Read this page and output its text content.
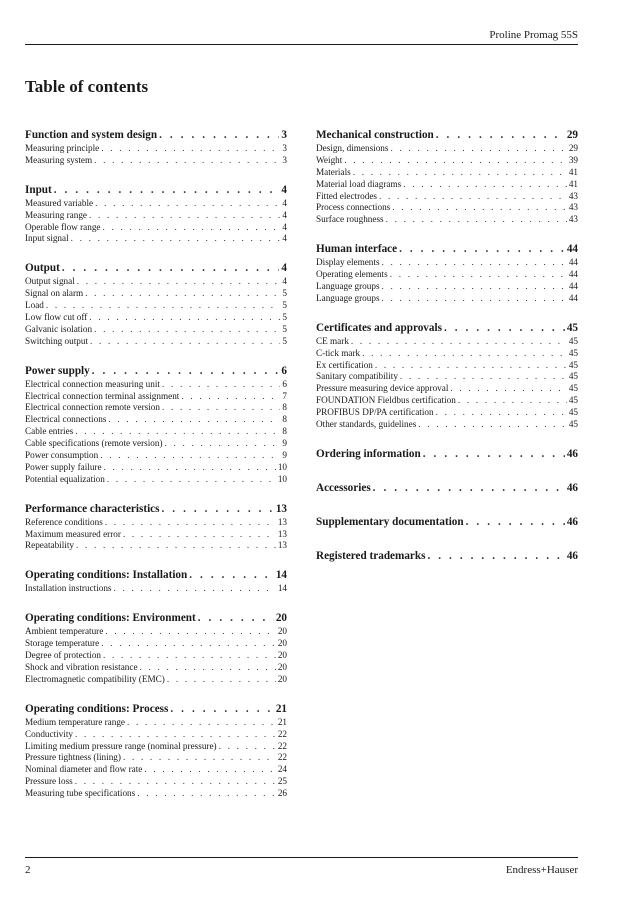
Proline Promag 55S
Table of contents
Function and system design . . .	3
Measuring principle . . .	3
Measuring system . . .	3
Input . . .	4
Measured variable . . .	4
Measuring range . . .	4
Operable flow range . . .	4
Input signal . . .	4
Output . . .	4
Output signal . . .	4
Signal on alarm . . .	5
Load . . .	5
Low flow cut off . . .	5
Galvanic isolation . . .	5
Switching output . . .	5
Power supply . . .	6
Electrical connection measuring unit . . .	6
Electrical connection terminal assignment . . .	7
Electrical connection remote version . . .	8
Electrical connections . . .	8
Cable entries . . .	8
Cable specifications (remote version) . . .	9
Power consumption . . .	9
Power supply failure . . .	10
Potential equalization . . .	10
Performance characteristics . . .	13
Reference conditions . . .	13
Maximum measured error . . .	13
Repeatability . . .	13
Operating conditions: Installation . . .	14
Installation instructions . . .	14
Operating conditions: Environment . . .	20
Ambient temperature . . .	20
Storage temperature . . .	20
Degree of protection . . .	20
Shock and vibration resistance . . .	20
Electromagnetic compatibility (EMC) . . .	20
Operating conditions: Process . . .	21
Medium temperature range . . .	21
Conductivity . . .	22
Limiting medium pressure range (nominal pressure) . . .	22
Pressure tightness (lining) . . .	22
Nominal diameter and flow rate . . .	24
Pressure loss . . .	25
Measuring tube specifications . . .	26
Mechanical construction . . .	29
Design, dimensions . . .	29
Weight . . .	39
Materials . . .	41
Material load diagrams . . .	41
Fitted electrodes . . .	43
Process connections . . .	43
Surface roughness . . .	43
Human interface . . .	44
Display elements . . .	44
Operating elements . . .	44
Language groups . . .	44
Language groups . . .	44
Certificates and approvals . . .	45
CE mark . . .	45
C-tick mark . . .	45
Ex certification . . .	45
Sanitary compatibility . . .	45
Pressure measuring device approval . . .	45
FOUNDATION Fieldbus certification . . .	45
PROFIBUS DP/PA certification . . .	45
Other standards, guidelines . . .	45
Ordering information . . .	46
Accessories . . .	46
Supplementary documentation . . .	46
Registered trademarks . . .	46
2	Endress+Hauser
